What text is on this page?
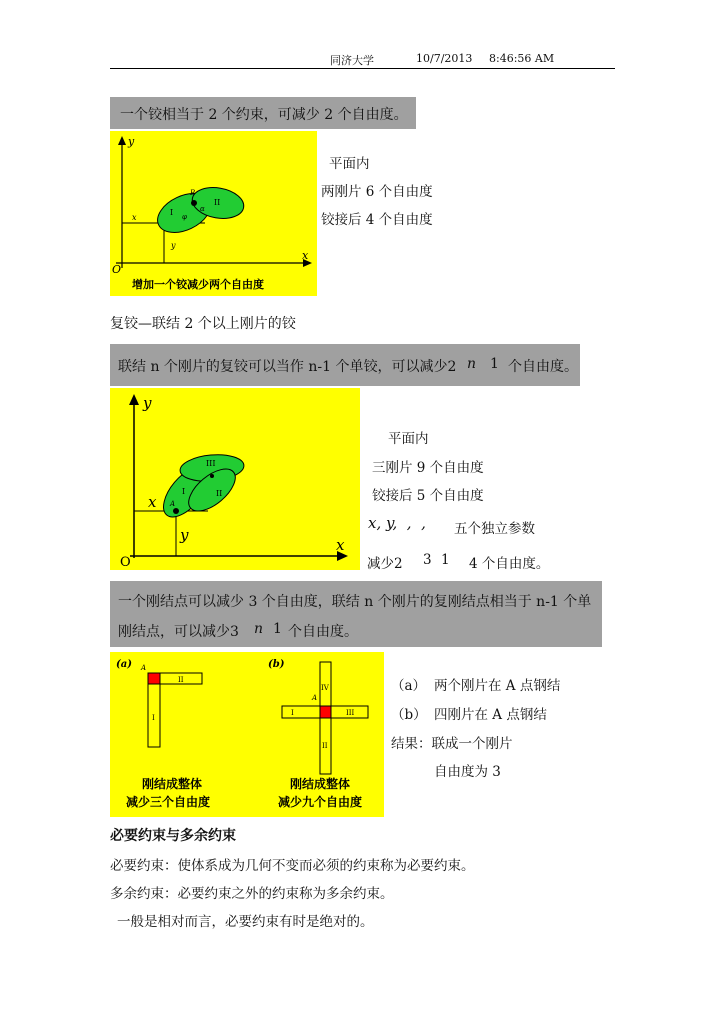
同济大学	10/7/2013 8:46:56 AM
一个铰相当于 2 个约束，可减少 2 个自由度。
y
x
O
x
y
I
II
B
α
φ
增加一个铰减少两个自由度
平面内
两刚片 6 个自由度
铰接后 4 个自由度
复铰—联结 2 个以上刚片的铰
联结 n 个刚片的复铰可以当作 n-1 个单铰，可以减少2 n 1 个自由度。
y
x
O
x
y
I	II
III
A
平面内
三刚片 9 个自由度
铰接后 5 个自由度
x, y,  ,  , 五个独立参数
减少2 3 1 4 个自由度。
一个刚结点可以减少 3 个自由度，联结 n 个刚片的复刚结点相当于 n-1 个单
刚结点，可以减少3 n 1 个自由度。
(a) A
II
I
刚结成整体
减少三个自由度
(b)
A
IV
I	III
II
刚结成整体
减少九个自由度
（a） 两个刚片在 A 点钢结
（b） 四刚片在 A 点钢结
结果：联成一个刚片
自由度为 3
必要约束与多余约束
必要约束：使体系成为几何不变而必须的约束称为必要约束。
多余约束：必要约束之外的约束称为多余约束。
一般是相对而言，必要约束有时是绝对的。
